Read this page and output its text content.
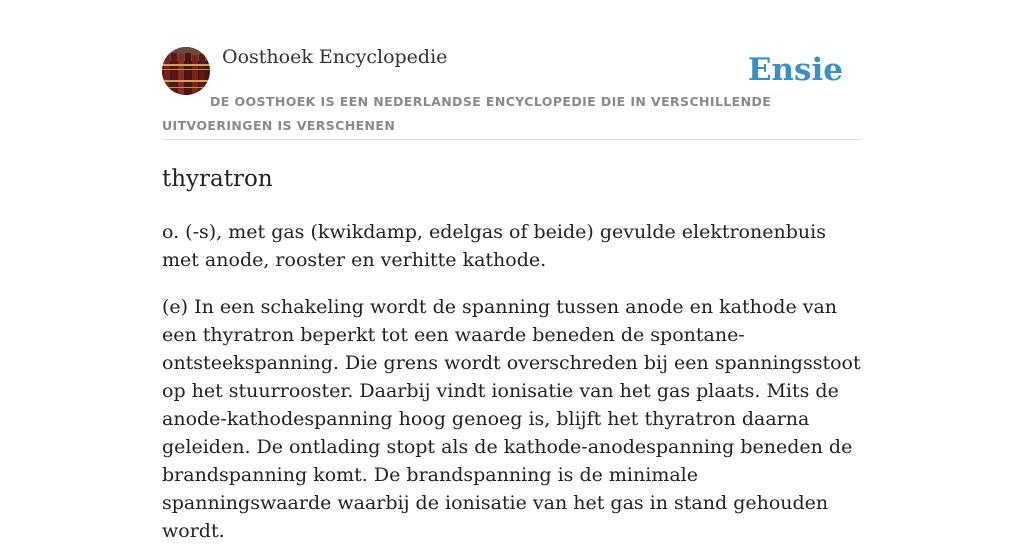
Oosthoek Encyclopedie	Ensie
DE OOSTHOEK IS EEN NEDERLANDSE ENCYCLOPEDIE DIE IN VERSCHILLENDE UITVOERINGEN IS VERSCHENEN
thyratron

o. (-s), met gas (kwikdamp, edelgas of beide) gevulde elektronenbuis met anode, rooster en verhitte kathode.

(e) In een schakeling wordt de spanning tussen anode en kathode van een thyratron beperkt tot een waarde beneden de spontane-ontsteekspanning. Die grens wordt overschreden bij een spanningsstoot op het stuurrooster. Daarbij vindt ionisatie van het gas plaats. Mits de anode-kathodespanning hoog genoeg is, blijft het thyratron daarna geleiden. De ontlading stopt als de kathode-anodespanning beneden de brandspanning komt. De brandspanning is de minimale spanningswaarde waarbij de ionisatie van het gas in stand gehouden wordt.
